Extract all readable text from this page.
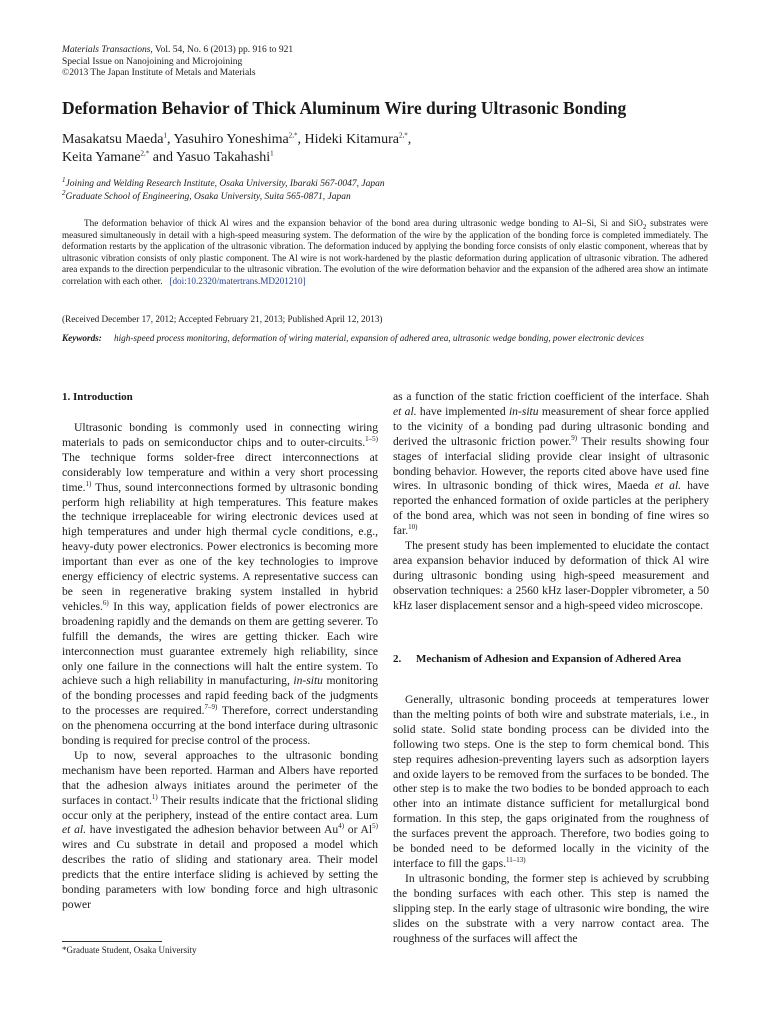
Materials Transactions, Vol. 54, No. 6 (2013) pp. 916 to 921
Special Issue on Nanojoining and Microjoining
©2013 The Japan Institute of Metals and Materials
Deformation Behavior of Thick Aluminum Wire during Ultrasonic Bonding
Masakatsu Maeda$^1$, Yasuhiro Yoneshima$^{2,*}$, Hideki Kitamura$^{2,*}$,
Keita Yamane$^{2,*}$ and Yasuo Takahashi$^1$
$^1$Joining and Welding Research Institute, Osaka University, Ibaraki 567-0047, Japan
$^2$Graduate School of Engineering, Osaka University, Suita 565-0871, Japan
The deformation behavior of thick Al wires and the expansion behavior of the bond area during ultrasonic wedge bonding to Al–Si, Si and SiO$_2$ substrates were measured simultaneously in detail with a high-speed measuring system. The deformation of the wire by the application of the bonding force is completed immediately. The deformation restarts by the application of the ultrasonic vibration. The deformation induced by applying the bonding force consists of only elastic component, whereas that by ultrasonic vibration consists of only plastic component. The Al wire is not work-hardened by the plastic deformation during application of ultrasonic vibration. The adhered area expands to the direction perpendicular to the ultrasonic vibration. The evolution of the wire deformation behavior and the expansion of the adhered area show an intimate correlation with each other. [doi:10.2320/matertrans.MD201210]
(Received December 17, 2012; Accepted February 21, 2013; Published April 12, 2013)
Keywords: high-speed process monitoring, deformation of wiring material, expansion of adhered area, ultrasonic wedge bonding, power electronic devices
1. Introduction

Ultrasonic bonding is commonly used in connecting wiring materials to pads on semiconductor chips and to outer-circuits.$^{1-5)}$ The technique forms solder-free direct interconnections at considerably low temperature and within a very short processing time.$^{1)}$ Thus, sound interconnections formed by ultrasonic bonding perform high reliability at high temperatures. This feature makes the technique irreplaceable for wiring electronic devices used at high temperatures and under high thermal cycle conditions, e.g., heavy-duty power electronics. Power electronics is becoming more important than ever as one of the key technologies to improve energy efficiency of electric systems. A representative success can be seen in regenerative braking system installed in hybrid vehicles.$^{6)}$ In this way, application fields of power electronics are broadening rapidly and the demands on them are getting severer. To fulfill the demands, the wires are getting thicker. Each wire interconnection must guarantee extremely high reliability, since only one failure in the connections will halt the entire system. To achieve such a high reliability in manufacturing, in-situ monitoring of the bonding processes and rapid feeding back of the judgments to the processes are required.$^{7-9)}$ Therefore, correct understanding on the phenomena occurring at the bond interface during ultrasonic bonding is required for precise control of the process.

Up to now, several approaches to the ultrasonic bonding mechanism have been reported. Harman and Albers have reported that the adhesion always initiates around the perimeter of the surfaces in contact.$^{1)}$ Their results indicate that the frictional sliding occur only at the periphery, instead of the entire contact area. Lum et al. have investigated the adhesion behavior between Au$^{4)}$ or Al$^{5)}$ wires and Cu substrate in detail and proposed a model which describes the ratio of sliding and stationary area. Their model predicts that the entire interface sliding is achieved by setting the bonding parameters with low bonding force and high ultrasonic power

as a function of the static friction coefficient of the interface. Shah et al. have implemented in-situ measurement of shear force applied to the vicinity of a bonding pad during ultrasonic bonding and derived the ultrasonic friction power.$^{9)}$ Their results showing four stages of interfacial sliding provide clear insight of ultrasonic bonding behavior. However, the reports cited above have used fine wires. In ultrasonic bonding of thick wires, Maeda et al. have reported the enhanced formation of oxide particles at the periphery of the bond area, which was not seen in bonding of fine wires so far.$^{10)}$

The present study has been implemented to elucidate the contact area expansion behavior induced by deformation of thick Al wire during ultrasonic bonding using high-speed measurement and observation techniques: a 2560 kHz laser-Doppler vibrometer, a 50 kHz laser displacement sensor and a high-speed video microscope.

2.	Mechanism of Adhesion and Expansion of Adhered Area

Generally, ultrasonic bonding proceeds at temperatures lower than the melting points of both wire and substrate materials, i.e., in solid state. Solid state bonding process can be divided into the following two steps. One is the step to form chemical bond. This step requires adhesion-preventing layers such as adsorption layers and oxide layers to be removed from the surfaces to be bonded. The other step is to make the two bodies to be bonded approach to each other into an intimate distance sufficient for metallurgical bond formation. In this step, the gaps originated from the roughness of the surfaces prevent the approach. Therefore, two bodies going to be bonded need to be deformed locally in the vicinity of the interface to fill the gaps.$^{11-13)}$

In ultrasonic bonding, the former step is achieved by scrubbing the bonding surfaces with each other. This step is named the slipping step. In the early stage of ultrasonic wire bonding, the wire slides on the substrate with a very narrow contact area. The roughness of the surfaces will affect the

*Graduate Student, Osaka University
